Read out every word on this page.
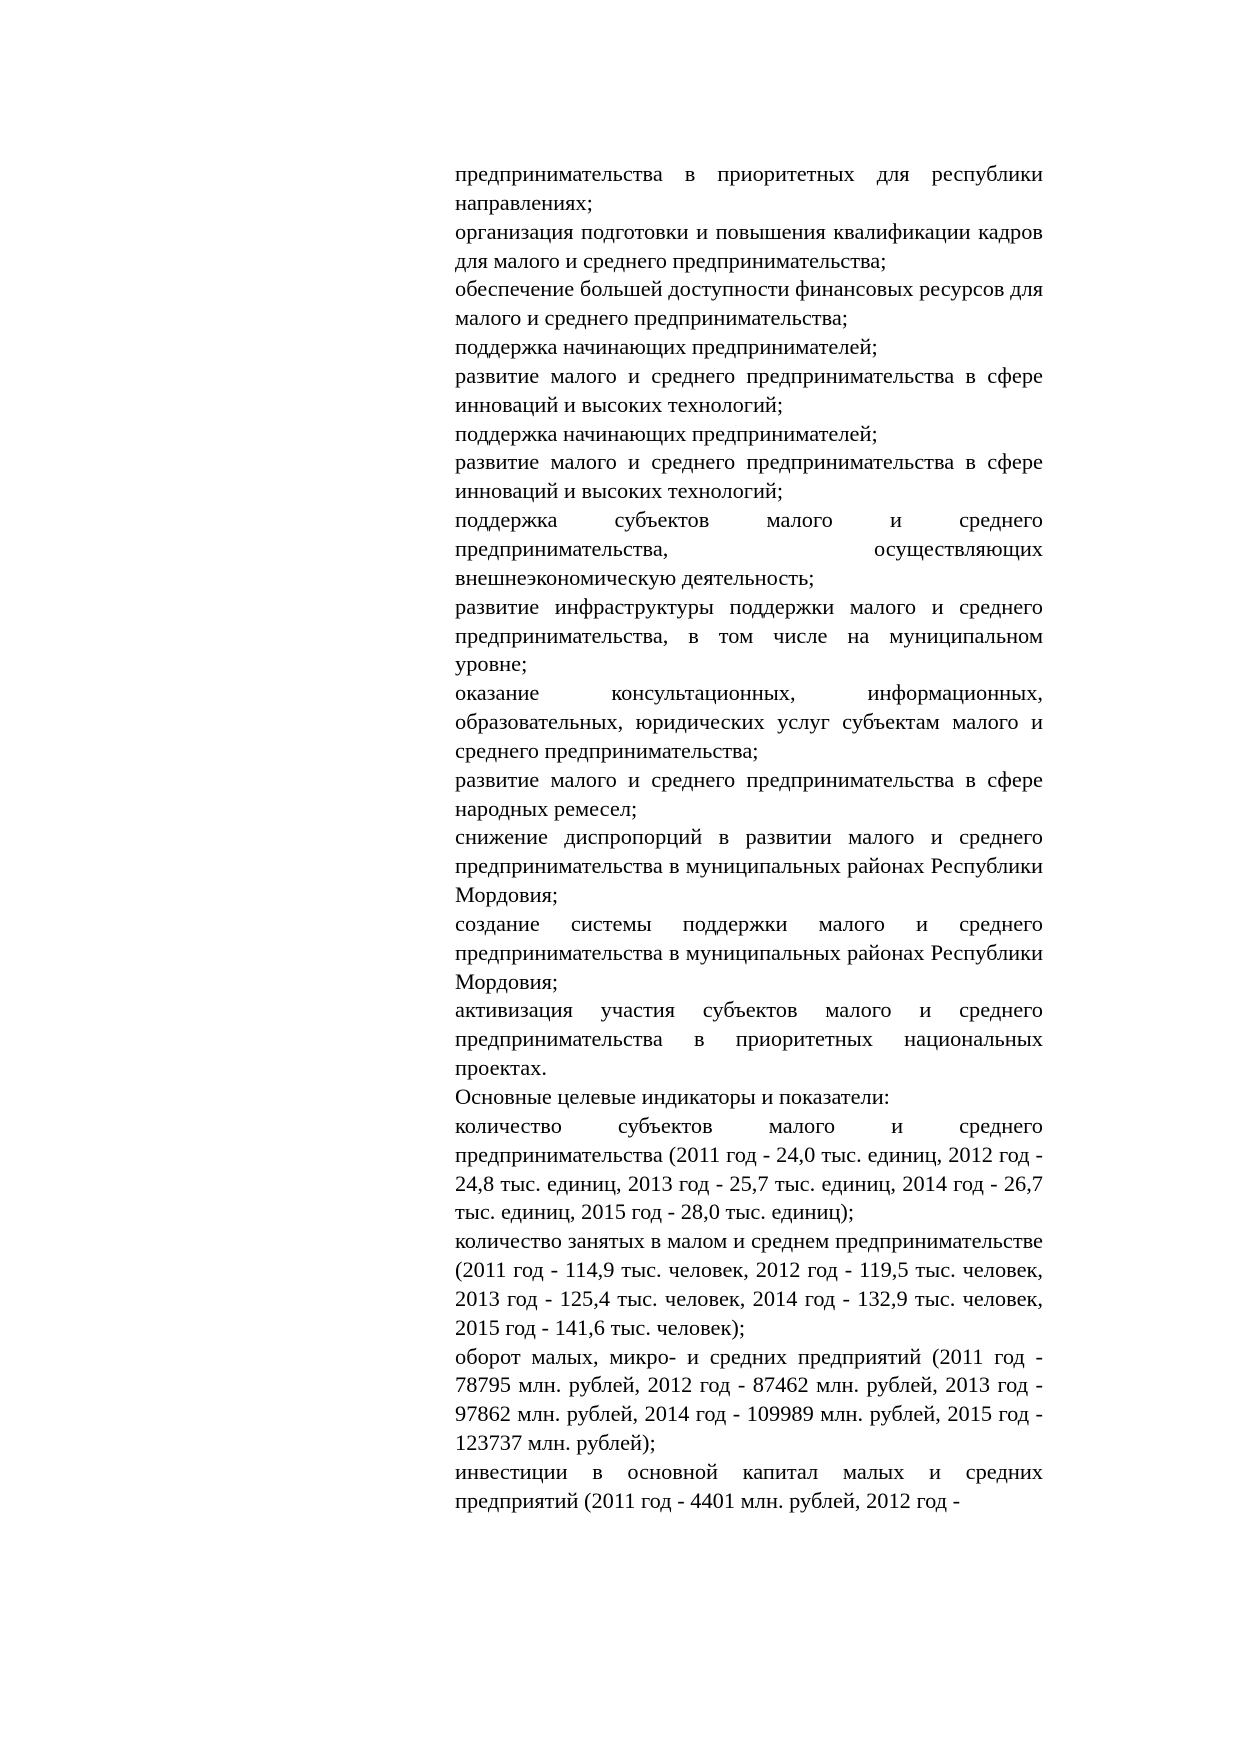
предпринимательства в приоритетных для республики направлениях;

организация подготовки и повышения квалификации кадров для малого и среднего предпринимательства;

обеспечение большей доступности финансовых ресурсов для малого и среднего предпринимательства;

поддержка начинающих предпринимателей;

развитие малого и среднего предпринимательства в сфере инноваций и высоких технологий;

поддержка начинающих предпринимателей;

развитие малого и среднего предпринимательства в сфере инноваций и высоких технологий;

поддержка субъектов малого и среднего предпринимательства, осуществляющих внешнеэкономическую деятельность;

развитие инфраструктуры поддержки малого и среднего предпринимательства, в том числе на муниципальном уровне;

оказание консультационных, информационных, образовательных, юридических услуг субъектам малого и среднего предпринимательства;

развитие малого и среднего предпринимательства в сфере народных ремесел;

снижение диспропорций в развитии малого и среднего предпринимательства в муниципальных районах Республики Мордовия;

создание системы поддержки малого и среднего предпринимательства в муниципальных районах Республики Мордовия;

активизация участия субъектов малого и среднего предпринимательства в приоритетных национальных проектах.

Основные целевые индикаторы и показатели:

количество субъектов малого и среднего предпринимательства (2011 год - 24,0 тыс. единиц, 2012 год - 24,8 тыс. единиц, 2013 год - 25,7 тыс. единиц, 2014 год - 26,7 тыс. единиц, 2015 год - 28,0 тыс. единиц);

количество занятых в малом и среднем предпринимательстве (2011 год - 114,9 тыс. человек, 2012 год - 119,5 тыс. человек, 2013 год - 125,4 тыс. человек, 2014 год - 132,9 тыс. человек, 2015 год - 141,6 тыс. человек);

оборот малых, микро- и средних предприятий (2011 год - 78795 млн. рублей, 2012 год - 87462 млн. рублей, 2013 год - 97862 млн. рублей, 2014 год - 109989 млн. рублей, 2015 год - 123737 млн. рублей);

инвестиции в основной капитал малых и средних предприятий (2011 год - 4401 млн. рублей, 2012 год -
